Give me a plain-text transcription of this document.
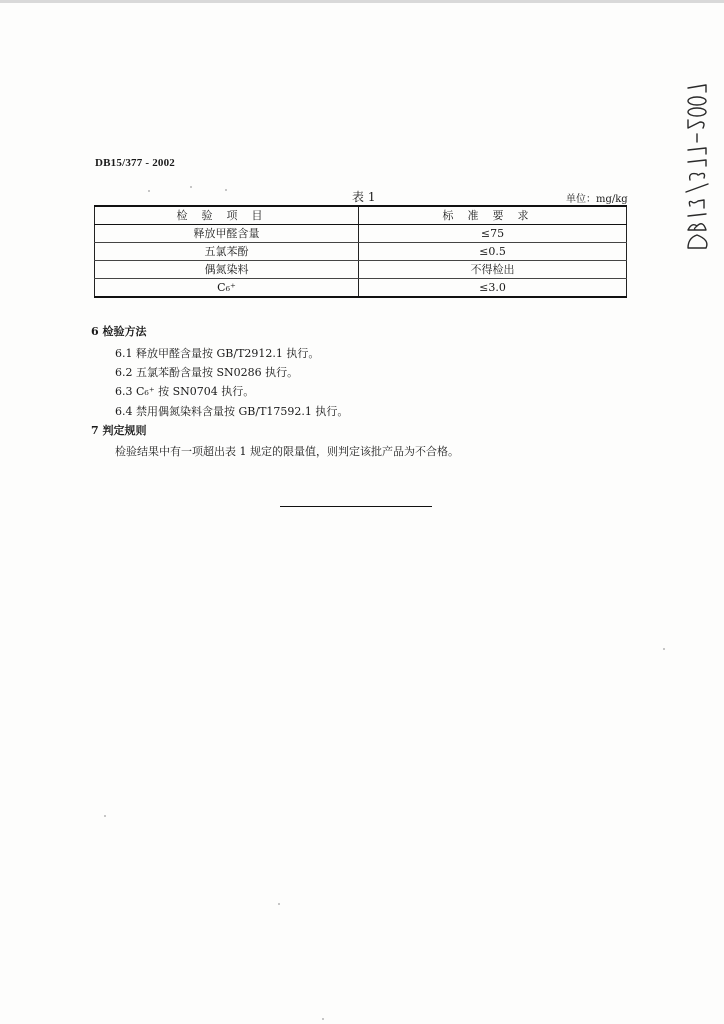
DB15/377 - 2002
表 1	单位：mg/kg
检验项目	标准要求
释放甲醛含量	≤75
五氯苯酚	≤0.5
偶氮染料	不得检出
C₆⁺	≤3.0
6 检验方法
6.1 释放甲醛含量按 GB/T2912.1 执行。
6.2 五氯苯酚含量按 SN0286 执行。
6.3 C₆⁺ 按 SN0704 执行。
6.4 禁用偶氮染料含量按 GB/T17592.1 执行。
7 判定规则
检验结果中有一项超出表 1 规定的限量值，则判定该批产品为不合格。
